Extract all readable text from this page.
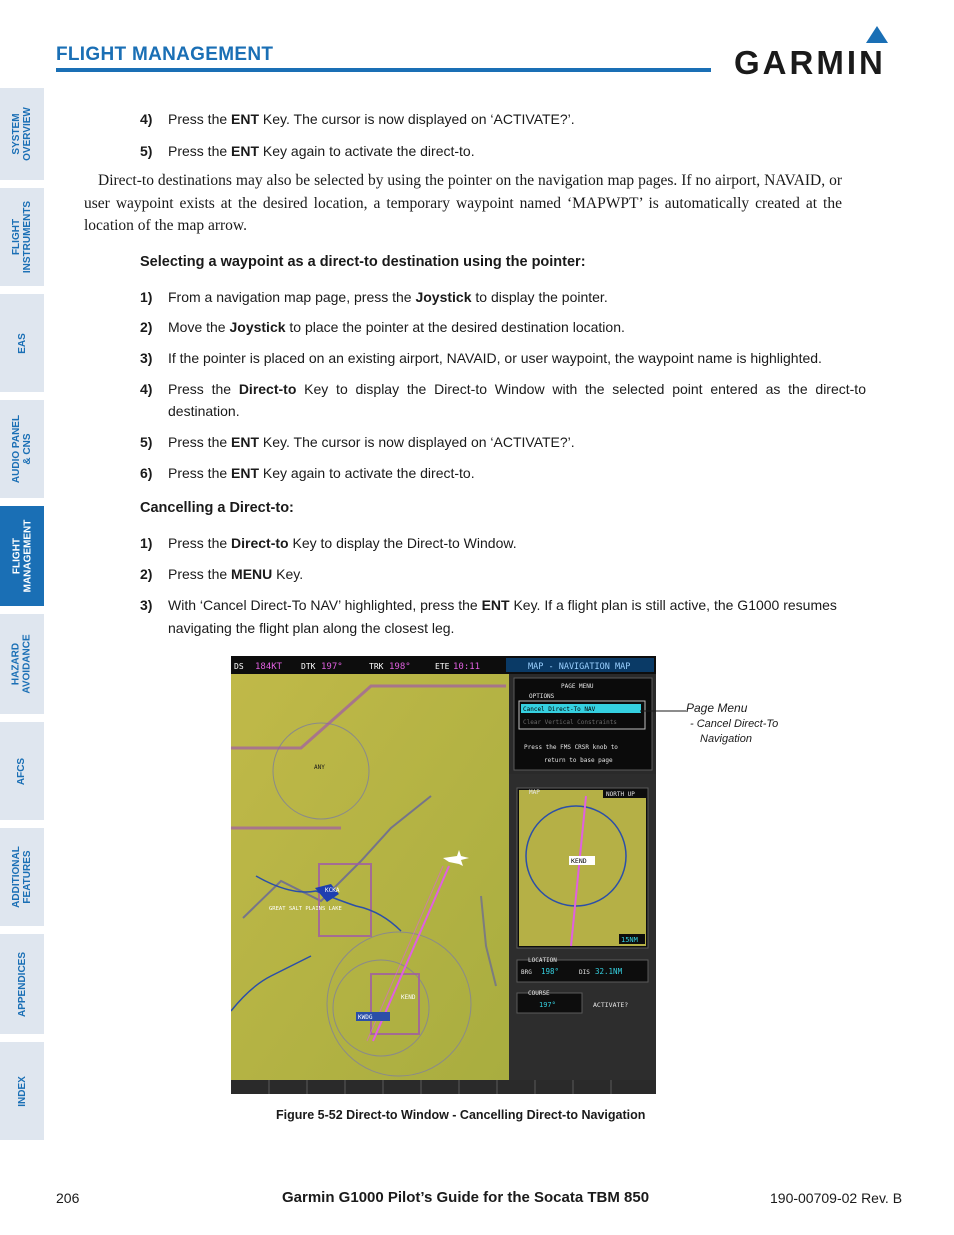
FLIGHT MANAGEMENT	GARMIN
SYSTEM
OVERVIEW
FLIGHT
INSTRUMENTS
EAS
AUDIO PANEL
& CNS
FLIGHT
MANAGEMENT
HAZARD
AVOIDANCE
AFCS
ADDITIONAL
FEATURES
APPENDICES
INDEX
4) Press the ENT Key. The cursor is now displayed on ‘ACTIVATE?’.
5) Press the ENT Key again to activate the direct-to.
Direct-to destinations may also be selected by using the pointer on the navigation map pages. If no airport, NAVAID, or user waypoint exists at the desired location, a temporary waypoint named ‘MAPWPT’ is automatically created at the location of the map arrow.
Selecting a waypoint as a direct-to destination using the pointer:
1) From a navigation map page, press the Joystick to display the pointer.
2) Move the Joystick to place the pointer at the desired destination location.
3) If the pointer is placed on an existing airport, NAVAID, or user waypoint, the waypoint name is highlighted.
4) Press  the  Direct-to  Key  to  display  the  Direct-to  Window  with  the  selected  point  entered  as  the  direct-to
destination.
5) Press the ENT Key. The cursor is now displayed on ‘ACTIVATE?’.
6) Press the ENT Key again to activate the direct-to.
Cancelling a Direct-to:
1) Press the Direct-to Key to display the Direct-to Window.
2) Press the MENU Key.
3) With ‘Cancel Direct-To NAV’ highlighted, press the ENT Key. If a flight plan is still active, the G1000 resumes
navigating the flight plan along the closest leg.
DS 184KT DTK 197°	TRK 198°	ETE 10:11	MAP - NAVIGATION MAP
ANY
GREAT SALT PLAINS LAKE
KCKA
KEND
KWDG
PAGE MENU
OPTIONS
Cancel Direct-To NAV
Clear Vertical Constraints
Press the FMS CRSR knob to
return to base page
KEND
MAP	NORTH UP
15NM
LOCATION
BRG 198°	DIS 32.1NM
COURSE
197°	ACTIVATE?
Page Menu
- Cancel Direct-To
Navigation
Figure 5-52 Direct-to Window - Cancelling Direct-to Navigation
206	Garmin G1000 Pilot’s Guide for the Socata TBM 850	190-00709-02 Rev. B
